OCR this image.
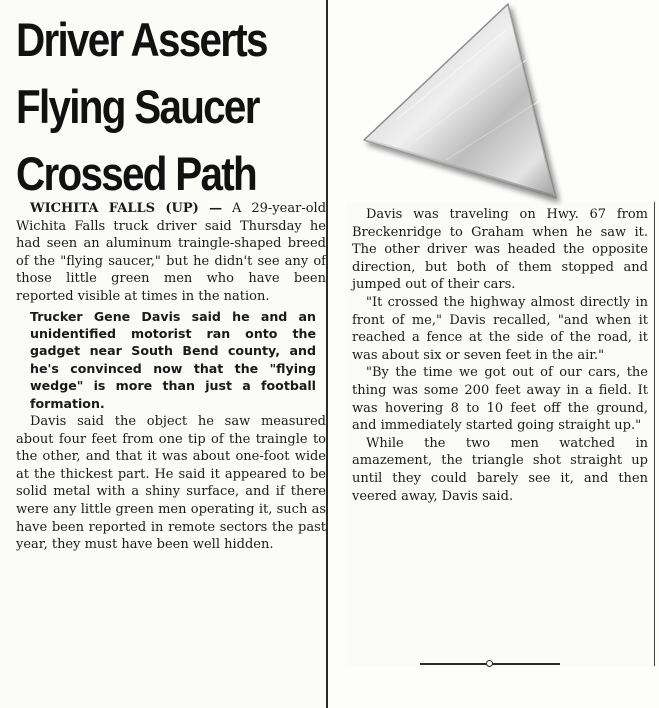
Driver Asserts
Flying Saucer
Crossed Path

WICHITA FALLS (UP) — A 29-year-old Wichita Falls truck driver said Thursday he had seen an aluminum traingle-shaped breed of the "flying saucer," but he didn't see any of those little green men who have been reported visible at times in the nation.

Trucker Gene Davis said he and an unidentified motorist ran onto the gadget near South Bend county, and he's convinced now that the "flying wedge" is more than just a football formation.

Davis said the object he saw measured about four feet from one tip of the traingle to the other, and that it was about one-foot wide at the thickest part. He said it appeared to be solid metal with a shiny surface, and if there were any little green men operating it, such as have been reported in remote sectors the past year, they must have been well hidden.

Davis was traveling on Hwy. 67 from Breckenridge to Graham when he saw it. The other driver was headed the opposite direction, but both of them stopped and jumped out of their cars.

"It crossed the highway almost directly in front of me," Davis recalled, "and when it reached a fence at the side of the road, it was about six or seven feet in the air."

"By the time we got out of our cars, the thing was some 200 feet away in a field. It was hovering 8 to 10 feet off the ground, and immediately started going straight up."

While the two men watched in amazement, the triangle shot straight up until they could barely see it, and then veered away, Davis said.
